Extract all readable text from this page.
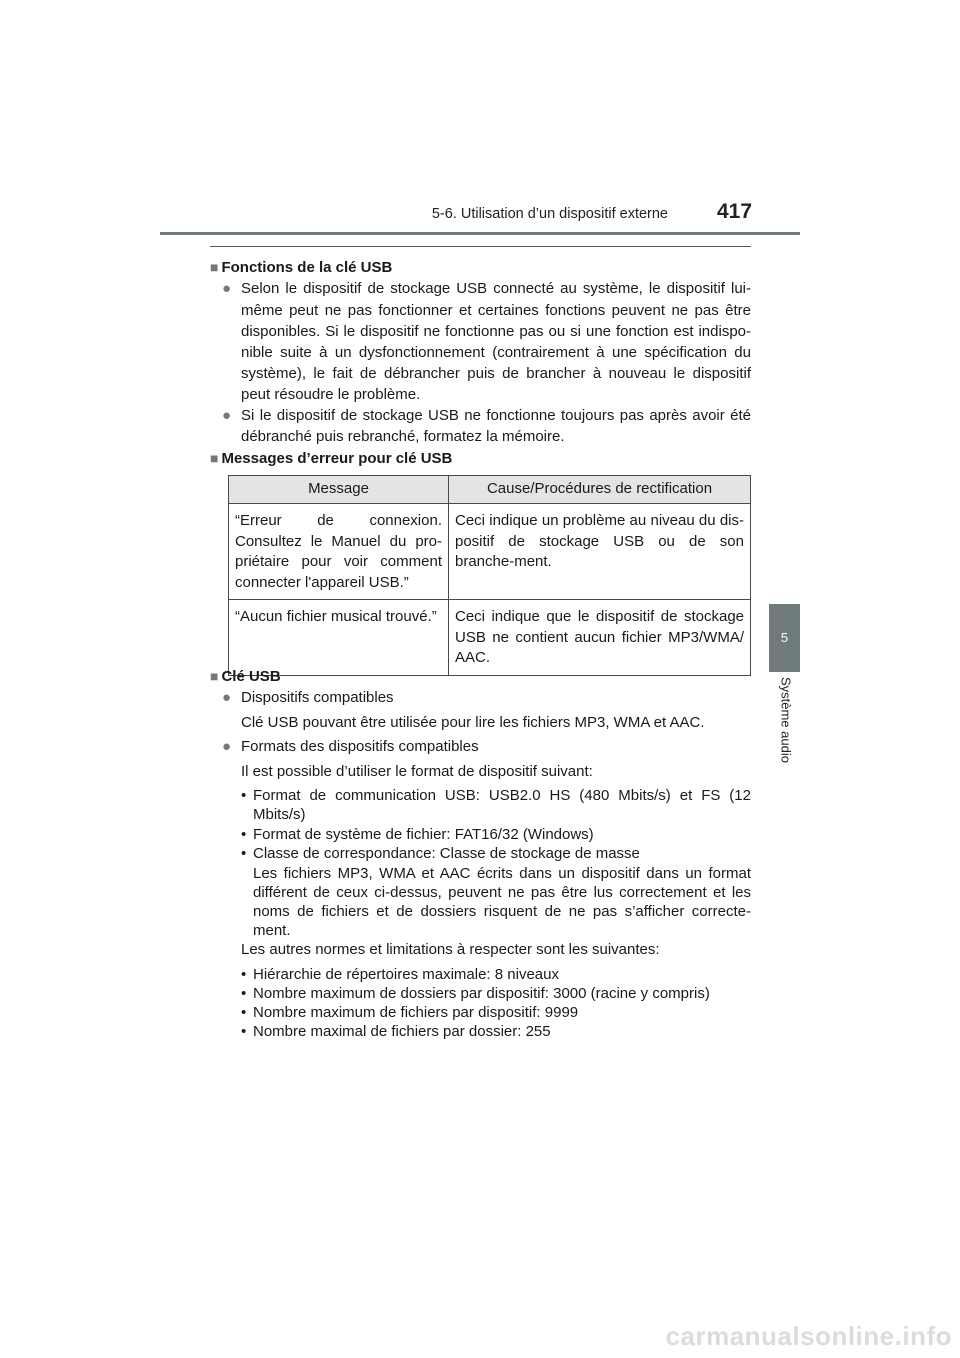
5-6. Utilisation d’un dispositif externe 417
5
Système audio
■ Fonctions de la clé USB
● Selon le dispositif de stockage USB connecté au système, le dispositif lui-
même peut ne pas fonctionner et certaines fonctions peuvent ne pas être
disponibles. Si le dispositif ne fonctionne pas ou si une fonction est indispo-
nible suite à un dysfonctionnement (contrairement à une spécification du
système), le fait de débrancher puis de brancher à nouveau le dispositif
peut résoudre le problème.
● Si le dispositif de stockage USB ne fonctionne toujours pas après avoir été
débranché puis rebranché, formatez la mémoire.
■ Messages d’erreur pour clé USB
Message	Cause/Procédures de rectification
“Erreur de connexion. Consultez le Manuel du pro-priétaire pour voir comment connecter l'appareil USB.”	Ceci indique un problème au niveau du dis-positif de stockage USB ou de son branche-ment.
“Aucun fichier musical trouvé.”	Ceci indique que le dispositif de stockage USB ne contient aucun fichier MP3/WMA/ AAC.
■ Clé USB
● Dispositifs compatibles
Clé USB pouvant être utilisée pour lire les fichiers MP3, WMA et AAC.
● Formats des dispositifs compatibles
Il est possible d’utiliser le format de dispositif suivant:
• Format de communication USB: USB2.0 HS (480 Mbits/s) et FS (12
Mbits/s)
• Format de système de fichier: FAT16/32 (Windows)
• Classe de correspondance: Classe de stockage de masse
Les fichiers MP3, WMA et AAC écrits dans un dispositif dans un format
différent de ceux ci-dessus, peuvent ne pas être lus correctement et les
noms de fichiers et de dossiers risquent de ne pas s’afficher correcte-
ment.
Les autres normes et limitations à respecter sont les suivantes:
• Hiérarchie de répertoires maximale: 8 niveaux
• Nombre maximum de dossiers par dispositif: 3000 (racine y compris)
• Nombre maximum de fichiers par dispositif: 9999
• Nombre maximal de fichiers par dossier: 255
carmanualsonline.info
